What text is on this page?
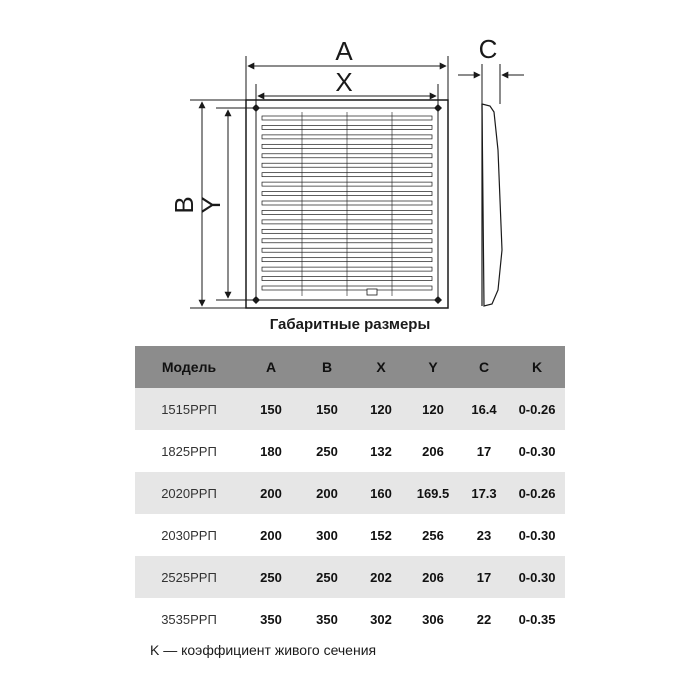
A
X
B
Y
C
Габаритные размеры
Модель	A	B	X	Y	C	K
1515РРП	150	150	120	120	16.4	0-0.26
1825РРП	180	250	132	206	17	0-0.30
2020РРП	200	200	160	169.5	17.3	0-0.26
2030РРП	200	300	152	256	23	0-0.30
2525РРП	250	250	202	206	17	0-0.30
3535РРП	350	350	302	306	22	0-0.35
K — коэффициент живого сечения
